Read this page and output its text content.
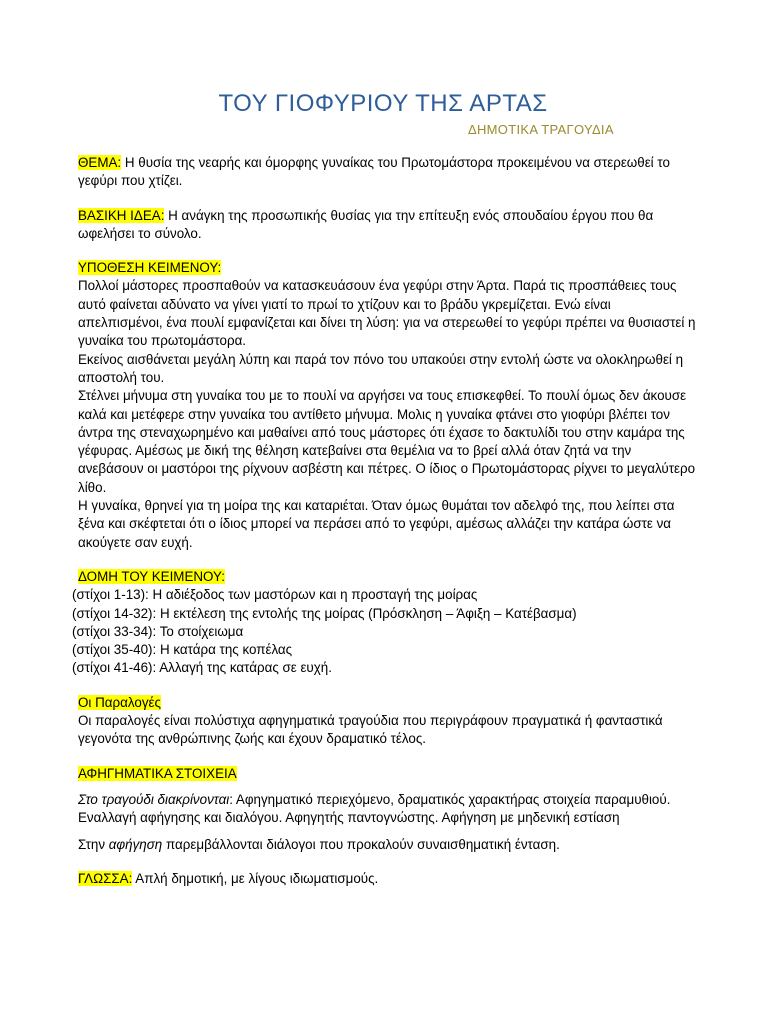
ΤΟΥ ΓΙΟΦΥΡΙΟΥ ΤΗΣ ΑΡΤΑΣ
ΔΗΜΟΤΙΚΑ ΤΡΑΓΟΥΔΙΑ

ΘΕΜΑ: Η θυσία της νεαρής και όμορφης γυναίκας του Πρωτομάστορα προκειμένου να στερεωθεί το γεφύρι που χτίζει.

ΒΑΣΙΚΗ ΙΔΕΑ: Η ανάγκη της προσωπικής θυσίας για την επίτευξη ενός σπουδαίου έργου που θα ωφελήσει το σύνολο.

ΥΠΟΘΕΣΗ ΚΕΙΜΕΝΟΥ:

Πολλοί μάστορες προσπαθούν να κατασκευάσουν ένα γεφύρι στην Άρτα. Παρά τις προσπάθειες τους αυτό φαίνεται αδύνατο να γίνει γιατί το πρωί το χτίζουν και το βράδυ γκρεμίζεται. Ενώ είναι απελπισμένοι, ένα πουλί εμφανίζεται και δίνει τη λύση: για να στερεωθεί το γεφύρι πρέπει να θυσιαστεί η γυναίκα του πρωτομάστορα.

Εκείνος αισθάνεται μεγάλη λύπη και παρά τον πόνο του υπακούει στην εντολή ώστε να ολοκληρωθεί η αποστολή του.

Στέλνει μήνυμα στη γυναίκα του με το πουλί να αργήσει να τους επισκεφθεί. Το πουλί όμως δεν άκουσε καλά και μετέφερε στην γυναίκα του αντίθετο μήνυμα. Μολις η γυναίκα φτάνει στο γιοφύρι βλέπει τον άντρα της στεναχωρημένο και μαθαίνει από τους μάστορες ότι έχασε το δακτυλίδι του στην καμάρα της γέφυρας. Αμέσως με δική της θέληση κατεβαίνει στα θεμέλια να το βρεί αλλά όταν ζητά να την ανεβάσουν οι μαστόροι της ρίχνουν ασβέστη και πέτρες. Ο ίδιος ο Πρωτομάστορας ρίχνει το μεγαλύτερο λίθο.

Η γυναίκα, θρηνεί για τη μοίρα της και καταριέται. Όταν όμως θυμάται τον αδελφό της, που λείπει στα ξένα και σκέφτεται ότι ο ίδιος μπορεί να περάσει από το γεφύρι, αμέσως αλλάζει την κατάρα ώστε να ακούγετε σαν ευχή.

ΔΟΜΗ ΤΟΥ ΚΕΙΜΕΝΟΥ:

(στίχοι 1-13): Η αδιέξοδος των μαστόρων και η προσταγή της μοίρας

(στίχοι 14-32): Η εκτέλεση της εντολής της μοίρας (Πρόσκληση – Άφιξη – Κατέβασμα)

(στίχοι 33-34): Το στοίχειωμα

(στίχοι 35-40): Η κατάρα της κοπέλας

(στίχοι 41-46): Αλλαγή της κατάρας σε ευχή.

Οι Παραλογές

Οι παραλογές είναι πολύστιχα αφηγηματικά τραγούδια που περιγράφουν πραγματικά ή φανταστικά γεγονότα της ανθρώπινης ζωής και έχουν δραματικό τέλος.

ΑΦΗΓΗΜΑΤΙΚΑ ΣΤΟΙΧΕΙΑ

Στο τραγούδι διακρίνονται: Αφηγηματικό περιεχόμενο, δραματικός χαρακτήρας στοιχεία παραμυθιού. Εναλλαγή αφήγησης και διαλόγου. Αφηγητής παντογνώστης. Αφήγηση με μηδενική εστίαση

Στην αφήγηση παρεμβάλλονται διάλογοι που προκαλούν συναισθηματική ένταση.

ΓΛΩΣΣΑ: Απλή δημοτική, με λίγους ιδιωματισμούς.
